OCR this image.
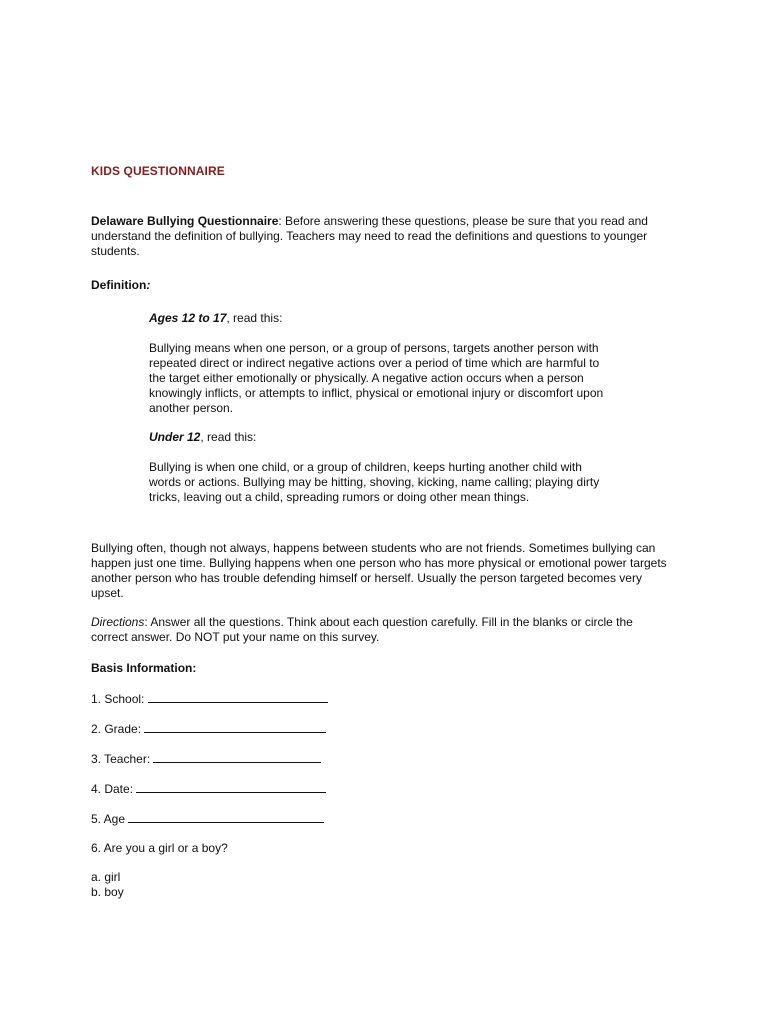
KIDS QUESTIONNAIRE

Delaware Bullying Questionnaire: Before answering these questions, please be sure that you read and understand the definition of bullying. Teachers may need to read the definitions and questions to younger students.

Definition:

Ages 12 to 17, read this:

Bullying means when one person, or a group of persons, targets another person with repeated direct or indirect negative actions over a period of time which are harmful to the target either emotionally or physically. A negative action occurs when a person knowingly inflicts, or attempts to inflict, physical or emotional injury or discomfort upon another person.

Under 12, read this:

Bullying is when one child, or a group of children, keeps hurting another child with words or actions. Bullying may be hitting, shoving, kicking, name calling; playing dirty tricks, leaving out a child, spreading rumors or doing other mean things.

Bullying often, though not always, happens between students who are not friends. Sometimes bullying can happen just one time. Bullying happens when one person who has more physical or emotional power targets another person who has trouble defending himself or herself. Usually the person targeted becomes very upset.

Directions: Answer all the questions. Think about each question carefully. Fill in the blanks or circle the correct answer. Do NOT put your name on this survey.

Basis Information:

1. School:
2. Grade:
3. Teacher:
4. Date:
5. Age

6. Are you a girl or a boy?

a. girl

b. boy
